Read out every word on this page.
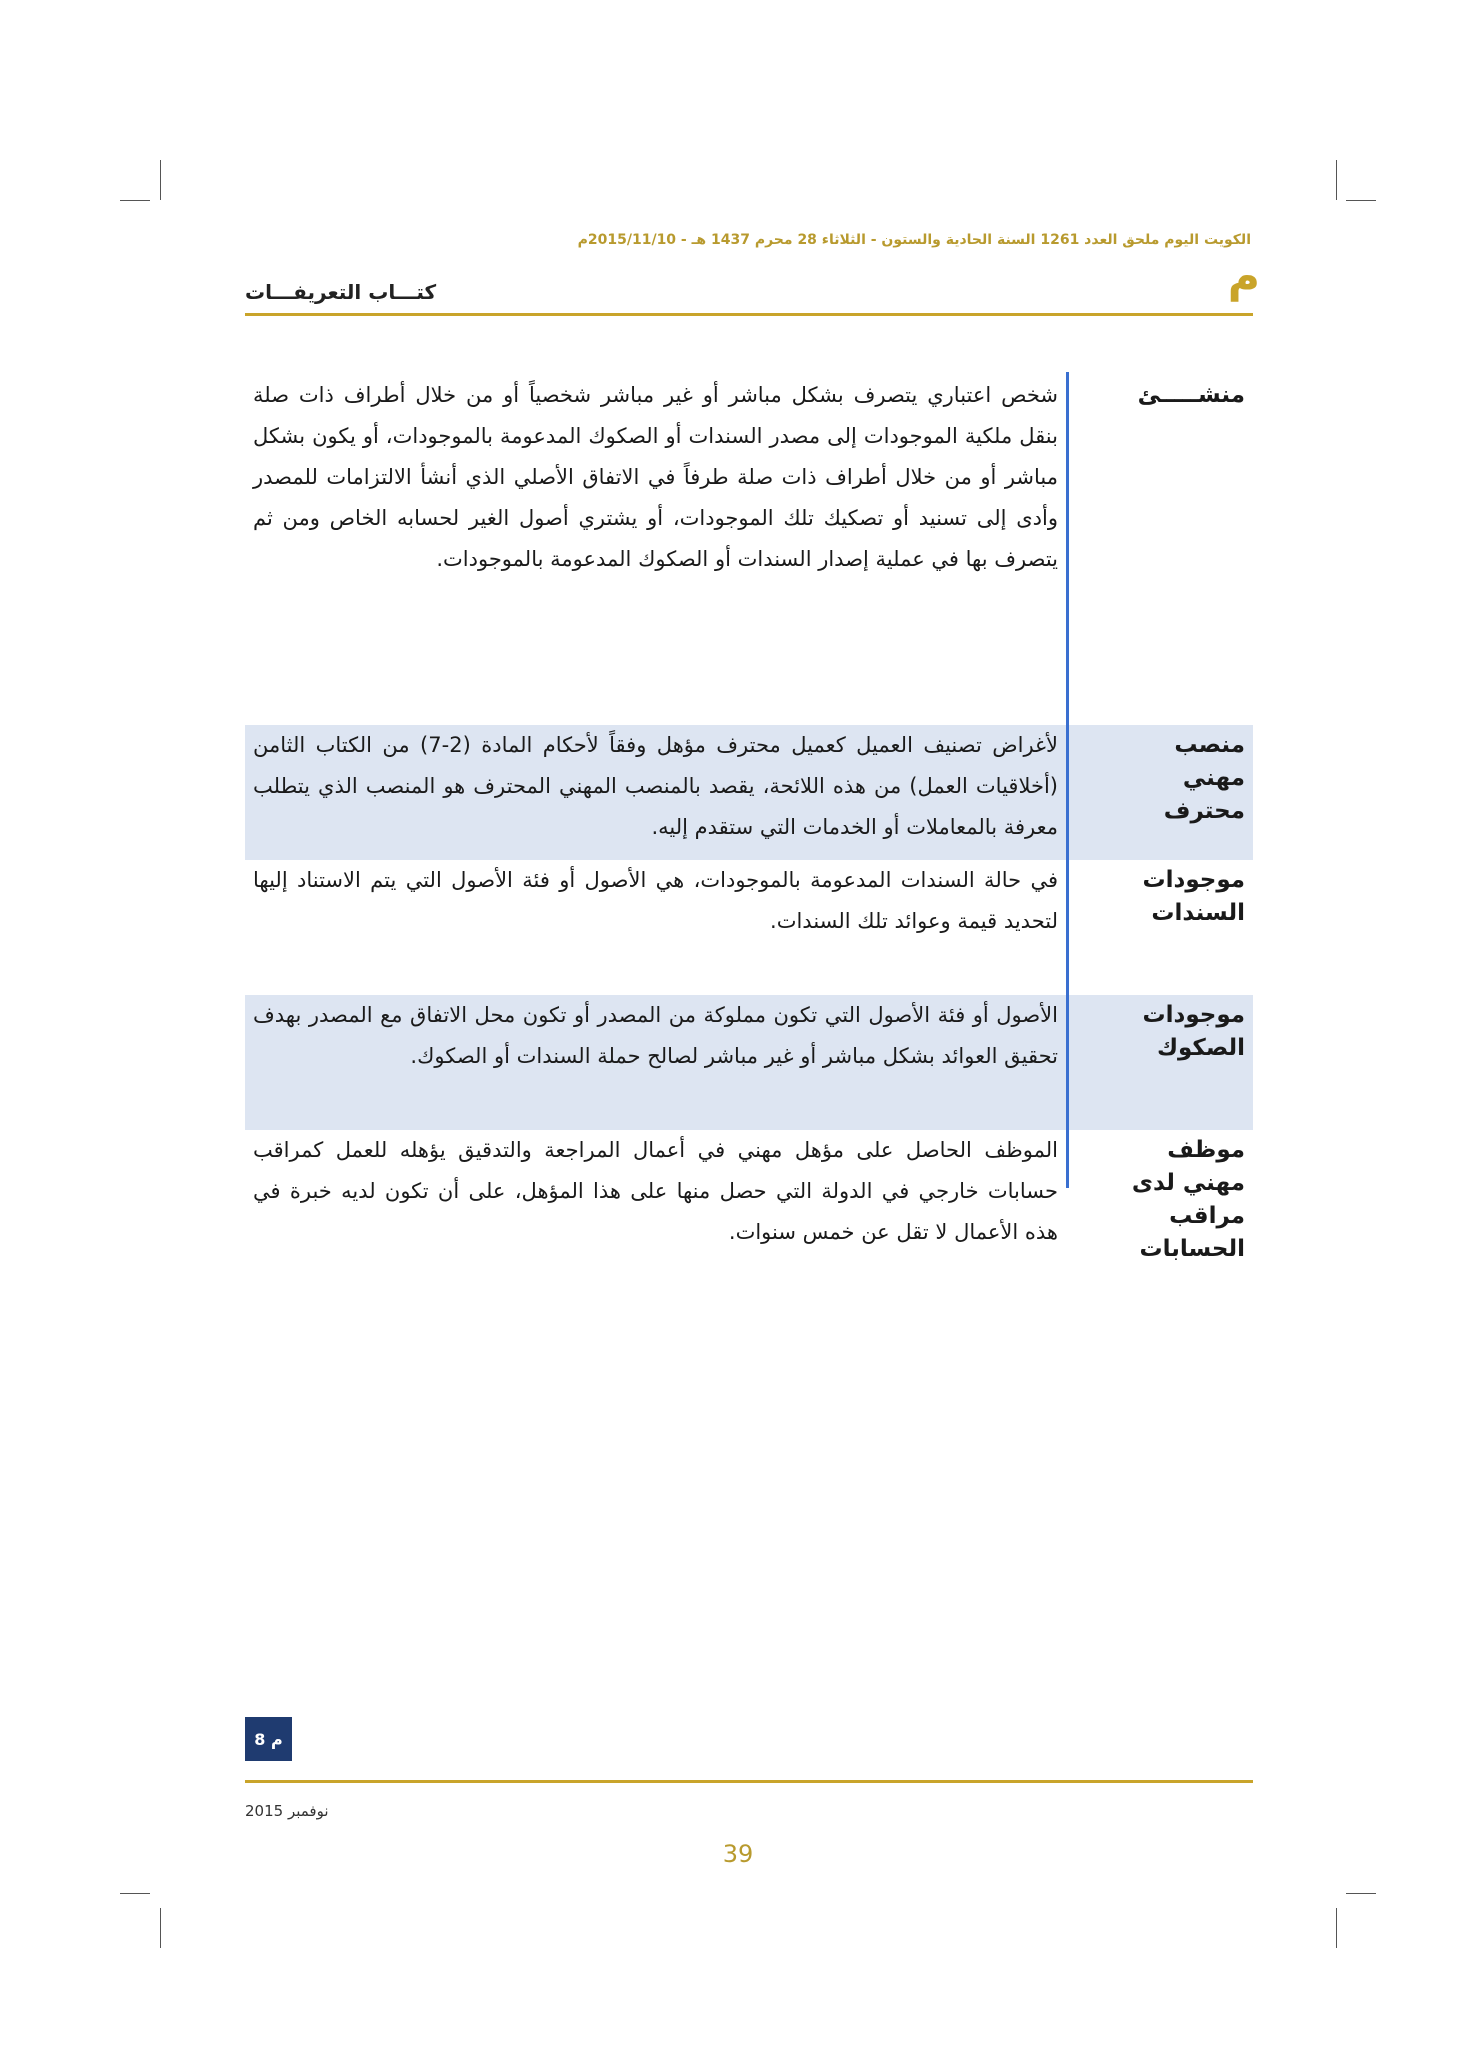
الكويت اليوم ملحق العدد 1261 السنة الحادية والستون - الثلاثاء 28 محرم 1437 هـ - 2015/11/10م
م
كتـــاب التعريفـــات
منشـــــئ
شخص اعتباري يتصرف بشكل مباشر أو غير مباشر شخصياً أو من خلال أطراف ذات صلة بنقل ملكية الموجودات إلى مصدر السندات أو الصكوك المدعومة بالموجودات، أو يكون بشكل مباشر أو من خلال أطراف ذات صلة طرفاً في الاتفاق الأصلي الذي أنشأ الالتزامات للمصدر وأدى إلى تسنيد أو تصكيك تلك الموجودات، أو يشتري أصول الغير لحسابه الخاص ومن ثم يتصرف بها في عملية إصدار السندات أو الصكوك المدعومة بالموجودات.
منصب مهني محترف
لأغراض تصنيف العميل كعميل محترف مؤهل وفقاً لأحكام المادة (2-7) من الكتاب الثامن (أخلاقيات العمل) من هذه اللائحة، يقصد بالمنصب المهني المحترف هو المنصب الذي يتطلب معرفة بالمعاملات أو الخدمات التي ستقدم إليه.
موجودات السندات
في حالة السندات المدعومة بالموجودات، هي الأصول أو فئة الأصول التي يتم الاستناد إليها لتحديد قيمة وعوائد تلك السندات.
موجودات الصكوك
الأصول أو فئة الأصول التي تكون مملوكة من المصدر أو تكون محل الاتفاق مع المصدر بهدف تحقيق العوائد بشكل مباشر أو غير مباشر لصالح حملة السندات أو الصكوك.
موظف مهني لدى مراقب الحسابات
الموظف الحاصل على مؤهل مهني في أعمال المراجعة والتدقيق يؤهله للعمل كمراقب حسابات خارجي في الدولة التي حصل منها على هذا المؤهل، على أن تكون لديه خبرة في هذه الأعمال لا تقل عن خمس سنوات.
م 8
نوفمبر 2015
39
